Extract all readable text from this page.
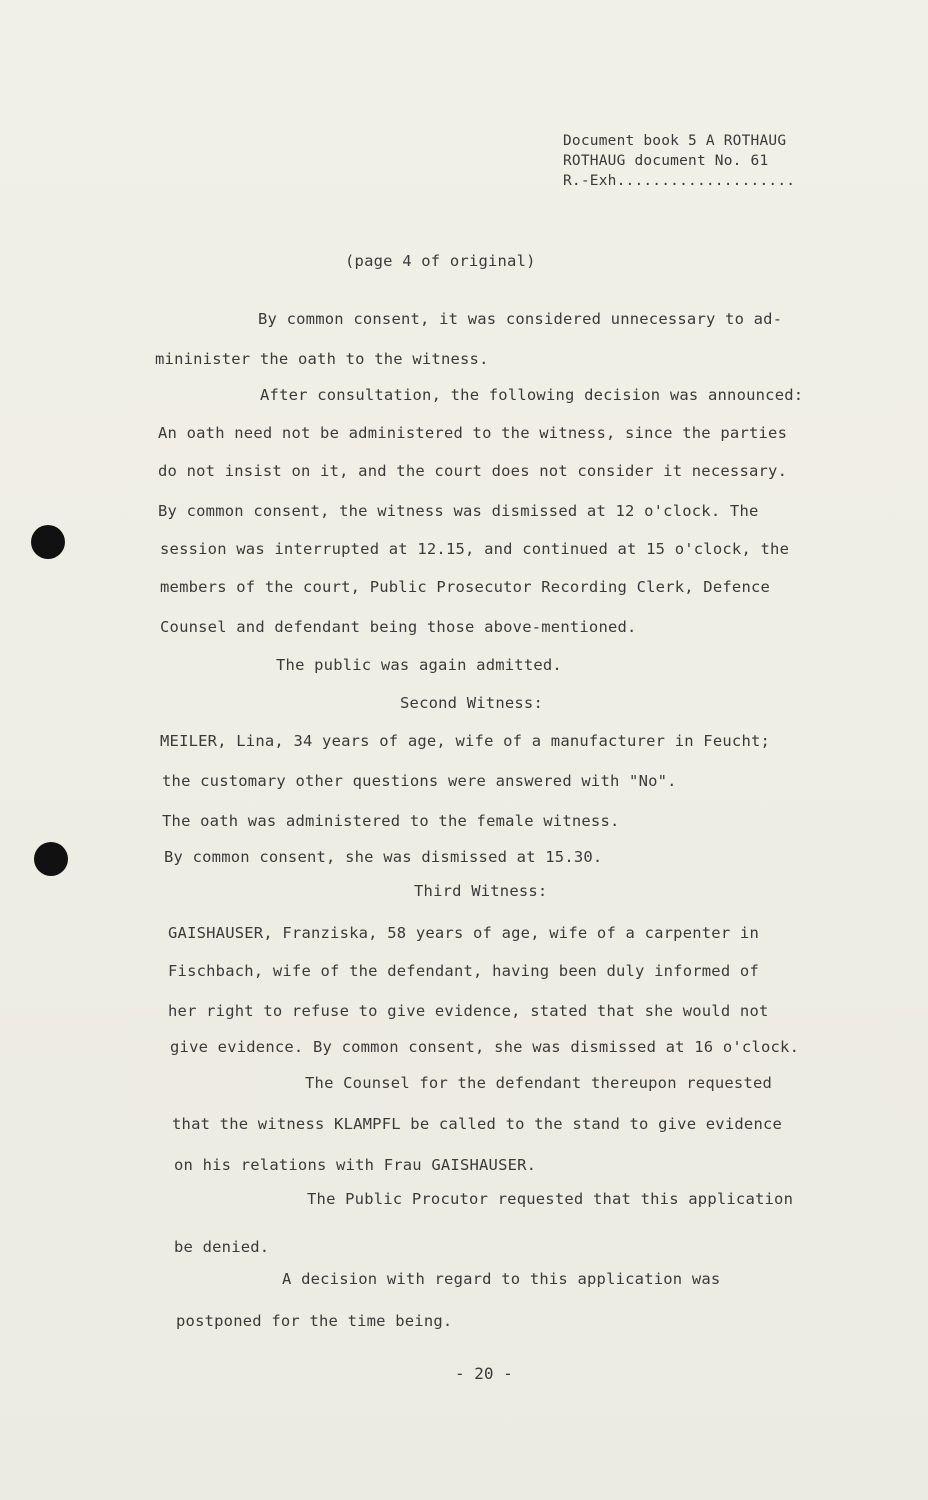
Document book 5 A ROTHAUG
ROTHAUG document No. 61
R.-Exh....................
(page 4 of original)
By common consent, it was considered unnecessary to ad-
mininister the oath to the witness.
After consultation, the following decision was announced:
An oath need not be administered to the witness, since the parties
do not insist on it, and the court does not consider it necessary.
By common consent, the witness was dismissed at 12 o'clock. The
session was interrupted at 12.15, and continued at 15 o'clock, the
members of the court, Public Prosecutor Recording Clerk, Defence
Counsel and defendant being those above-mentioned.
The public was again admitted.
Second Witness:
MEILER, Lina, 34 years of age, wife of a manufacturer in Feucht;
the customary other questions were answered with "No".
The oath was administered to the female witness.
By common consent, she was dismissed at 15.30.
Third Witness:
GAISHAUSER, Franziska, 58 years of age, wife of a carpenter in
Fischbach, wife of the defendant, having been duly informed of
her right to refuse to give evidence, stated that she would not
give evidence. By common consent, she was dismissed at 16 o'clock.
The Counsel for the defendant thereupon requested
that the witness KLAMPFL be called to the stand to give evidence
on his relations with Frau GAISHAUSER.
The Public Procutor requested that this application
be denied.
A decision with regard to this application was
postponed for the time being.
- 20 -
